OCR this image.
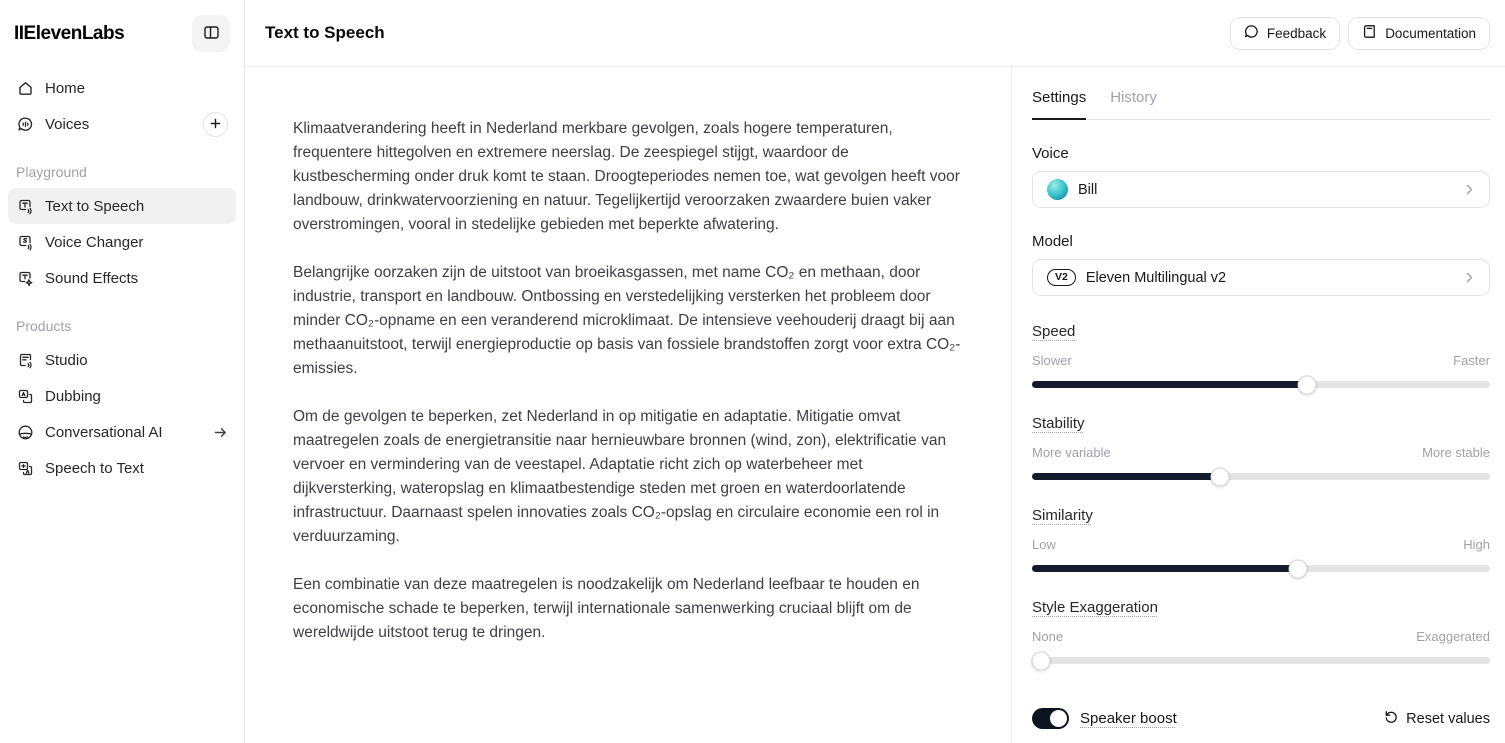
IIElevenLabs
Home
Voices
Playground
Text to Speech
Voice Changer
Sound Effects
Products
Studio
Dubbing
Conversational AI
Speech to Text
Text to Speech	Feedback	Documentation

Klimaatverandering heeft in Nederland merkbare gevolgen, zoals hogere temperaturen, frequentere hittegolven en extremere neerslag. De zeespiegel stijgt, waardoor de kustbescherming onder druk komt te staan. Droogteperiodes nemen toe, wat gevolgen heeft voor landbouw, drinkwatervoorziening en natuur. Tegelijkertijd veroorzaken zwaardere buien vaker overstromingen, vooral in stedelijke gebieden met beperkte afwatering.

Belangrijke oorzaken zijn de uitstoot van broeikasgassen, met name CO₂ en methaan, door industrie, transport en landbouw. Ontbossing en verstedelijking versterken het probleem door minder CO₂-opname en een veranderend microklimaat. De intensieve veehouderij draagt bij aan methaanuitstoot, terwijl energieproductie op basis van fossiele brandstoffen zorgt voor extra CO₂-emissies.

Om de gevolgen te beperken, zet Nederland in op mitigatie en adaptatie. Mitigatie omvat maatregelen zoals de energietransitie naar hernieuwbare bronnen (wind, zon), elektrificatie van vervoer en vermindering van de veestapel. Adaptatie richt zich op waterbeheer met dijkversterking, wateropslag en klimaatbestendige steden met groen en waterdoorlatende infrastructuur. Daarnaast spelen innovaties zoals CO₂-opslag en circulaire economie een rol in verduurzaming.

Een combinatie van deze maatregelen is noodzakelijk om Nederland leefbaar te houden en economische schade te beperken, terwijl internationale samenwerking cruciaal blijft om de wereldwijde uitstoot terug te dringen.

Settings History
Voice
Bill
Model
V2	Eleven Multilingual v2
Speed
Slower	Faster
Stability
More variable	More stable
Similarity
Low	High
Style Exaggeration
None	Exaggerated
Speaker boost	Reset values
